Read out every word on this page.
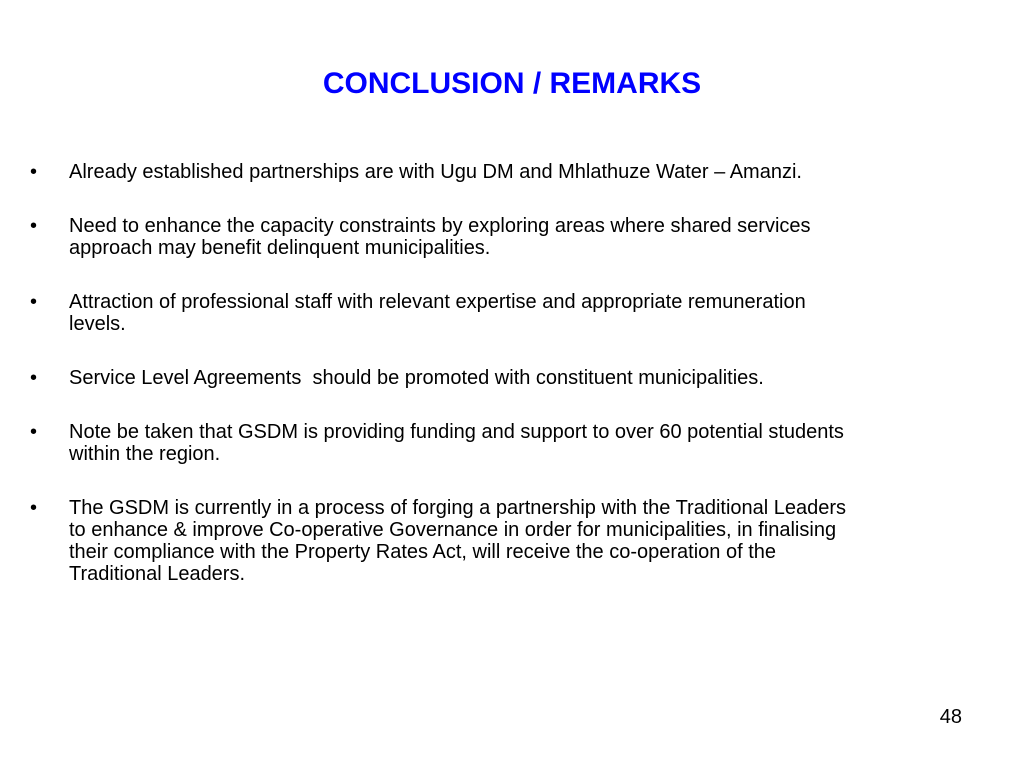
CONCLUSION / REMARKS
• Already established partnerships are with Ugu DM and Mhlathuze Water – Amanzi.
• Need to enhance the capacity constraints by exploring areas where shared services
approach may benefit delinquent municipalities.
• Attraction of professional staff with relevant expertise and appropriate remuneration
levels.
• Service Level Agreements  should be promoted with constituent municipalities.
• Note be taken that GSDM is providing funding and support to over 60 potential students
within the region.
• The GSDM is currently in a process of forging a partnership with the Traditional Leaders
to enhance & improve Co-operative Governance in order for municipalities, in finalising
their compliance with the Property Rates Act, will receive the co-operation of the
Traditional Leaders.
48
